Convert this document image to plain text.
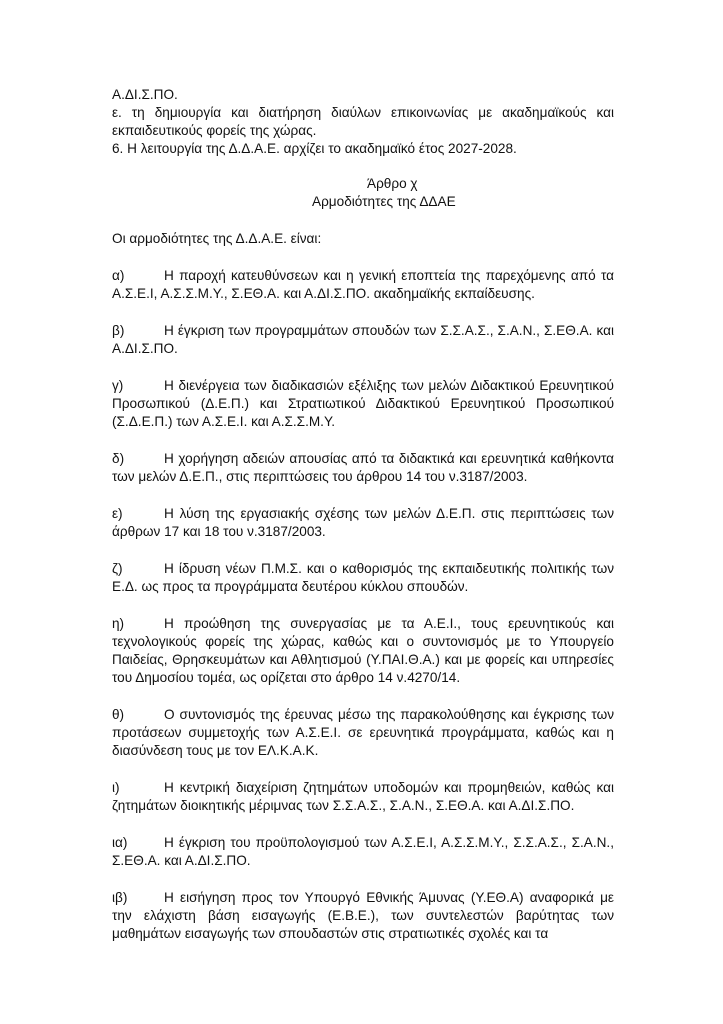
Α.ΔΙ.Σ.ΠΟ.

ε. τη δημιουργία και διατήρηση διαύλων επικοινωνίας με ακαδημαϊκούς και εκπαιδευτικούς φορείς της χώρας.

6. Η λειτουργία της Δ.Δ.Α.Ε. αρχίζει το ακαδημαϊκό έτος 2027-2028.

Άρθρο χ

Αρμοδιότητες της ΔΔΑΕ

Οι αρμοδιότητες της Δ.Δ.Α.Ε. είναι:

α)	Η παροχή κατευθύνσεων και η γενική εποπτεία της παρεχόμενης από τα Α.Σ.Ε.Ι, Α.Σ.Σ.Μ.Υ., Σ.ΕΘ.Α. και Α.ΔΙ.Σ.ΠΟ. ακαδημαϊκής εκπαίδευσης.

β)	Η έγκριση των προγραμμάτων σπουδών των Σ.Σ.Α.Σ., Σ.Α.Ν., Σ.ΕΘ.Α. και Α.ΔΙ.Σ.ΠΟ.

γ)	Η διενέργεια των διαδικασιών εξέλιξης των μελών Διδακτικού Ερευνητικού Προσωπικού (Δ.Ε.Π.) και Στρατιωτικού Διδακτικού Ερευνητικού Προσωπικού (Σ.Δ.Ε.Π.) των Α.Σ.Ε.Ι. και Α.Σ.Σ.Μ.Υ.

δ)	Η χορήγηση αδειών απουσίας από τα διδακτικά και ερευνητικά καθήκοντα των μελών Δ.Ε.Π., στις περιπτώσεις του άρθρου 14 του ν.3187/2003.

ε)	Η λύση της εργασιακής σχέσης των μελών Δ.Ε.Π. στις περιπτώσεις των άρθρων 17 και 18 του ν.3187/2003.

ζ)	Η ίδρυση νέων Π.Μ.Σ. και ο καθορισμός της εκπαιδευτικής πολιτικής των Ε.Δ. ως προς τα προγράμματα δευτέρου κύκλου σπουδών.

η)	Η προώθηση της συνεργασίας με τα Α.Ε.Ι., τους ερευνητικούς και τεχνολογικούς φορείς της χώρας, καθώς και ο συντονισμός με το Υπουργείο Παιδείας, Θρησκευμάτων και Αθλητισμού (Υ.ΠΑΙ.Θ.Α.) και με φορείς και υπηρεσίες του Δημοσίου τομέα, ως ορίζεται στο άρθρο 14 ν.4270/14.

θ)	Ο συντονισμός της έρευνας μέσω της παρακολούθησης και έγκρισης των προτάσεων συμμετοχής των Α.Σ.Ε.Ι. σε ερευνητικά προγράμματα, καθώς και η διασύνδεση τους με τον ΕΛ.Κ.Α.Κ.

ι)	Η κεντρική διαχείριση ζητημάτων υποδομών και προμηθειών, καθώς και ζητημάτων διοικητικής μέριμνας των Σ.Σ.Α.Σ., Σ.Α.Ν., Σ.ΕΘ.Α. και Α.ΔΙ.Σ.ΠΟ.

ια)	Η έγκριση του προϋπολογισμού των Α.Σ.Ε.Ι, Α.Σ.Σ.Μ.Υ., Σ.Σ.Α.Σ., Σ.Α.Ν., Σ.ΕΘ.Α. και Α.ΔΙ.Σ.ΠΟ.

ιβ)	Η εισήγηση προς τον Υπουργό Εθνικής Άμυνας (Υ.ΕΘ.Α) αναφορικά με την ελάχιστη βάση εισαγωγής (Ε.Β.Ε.), των συντελεστών βαρύτητας των μαθημάτων εισαγωγής των σπουδαστών στις στρατιωτικές σχολές και τα
